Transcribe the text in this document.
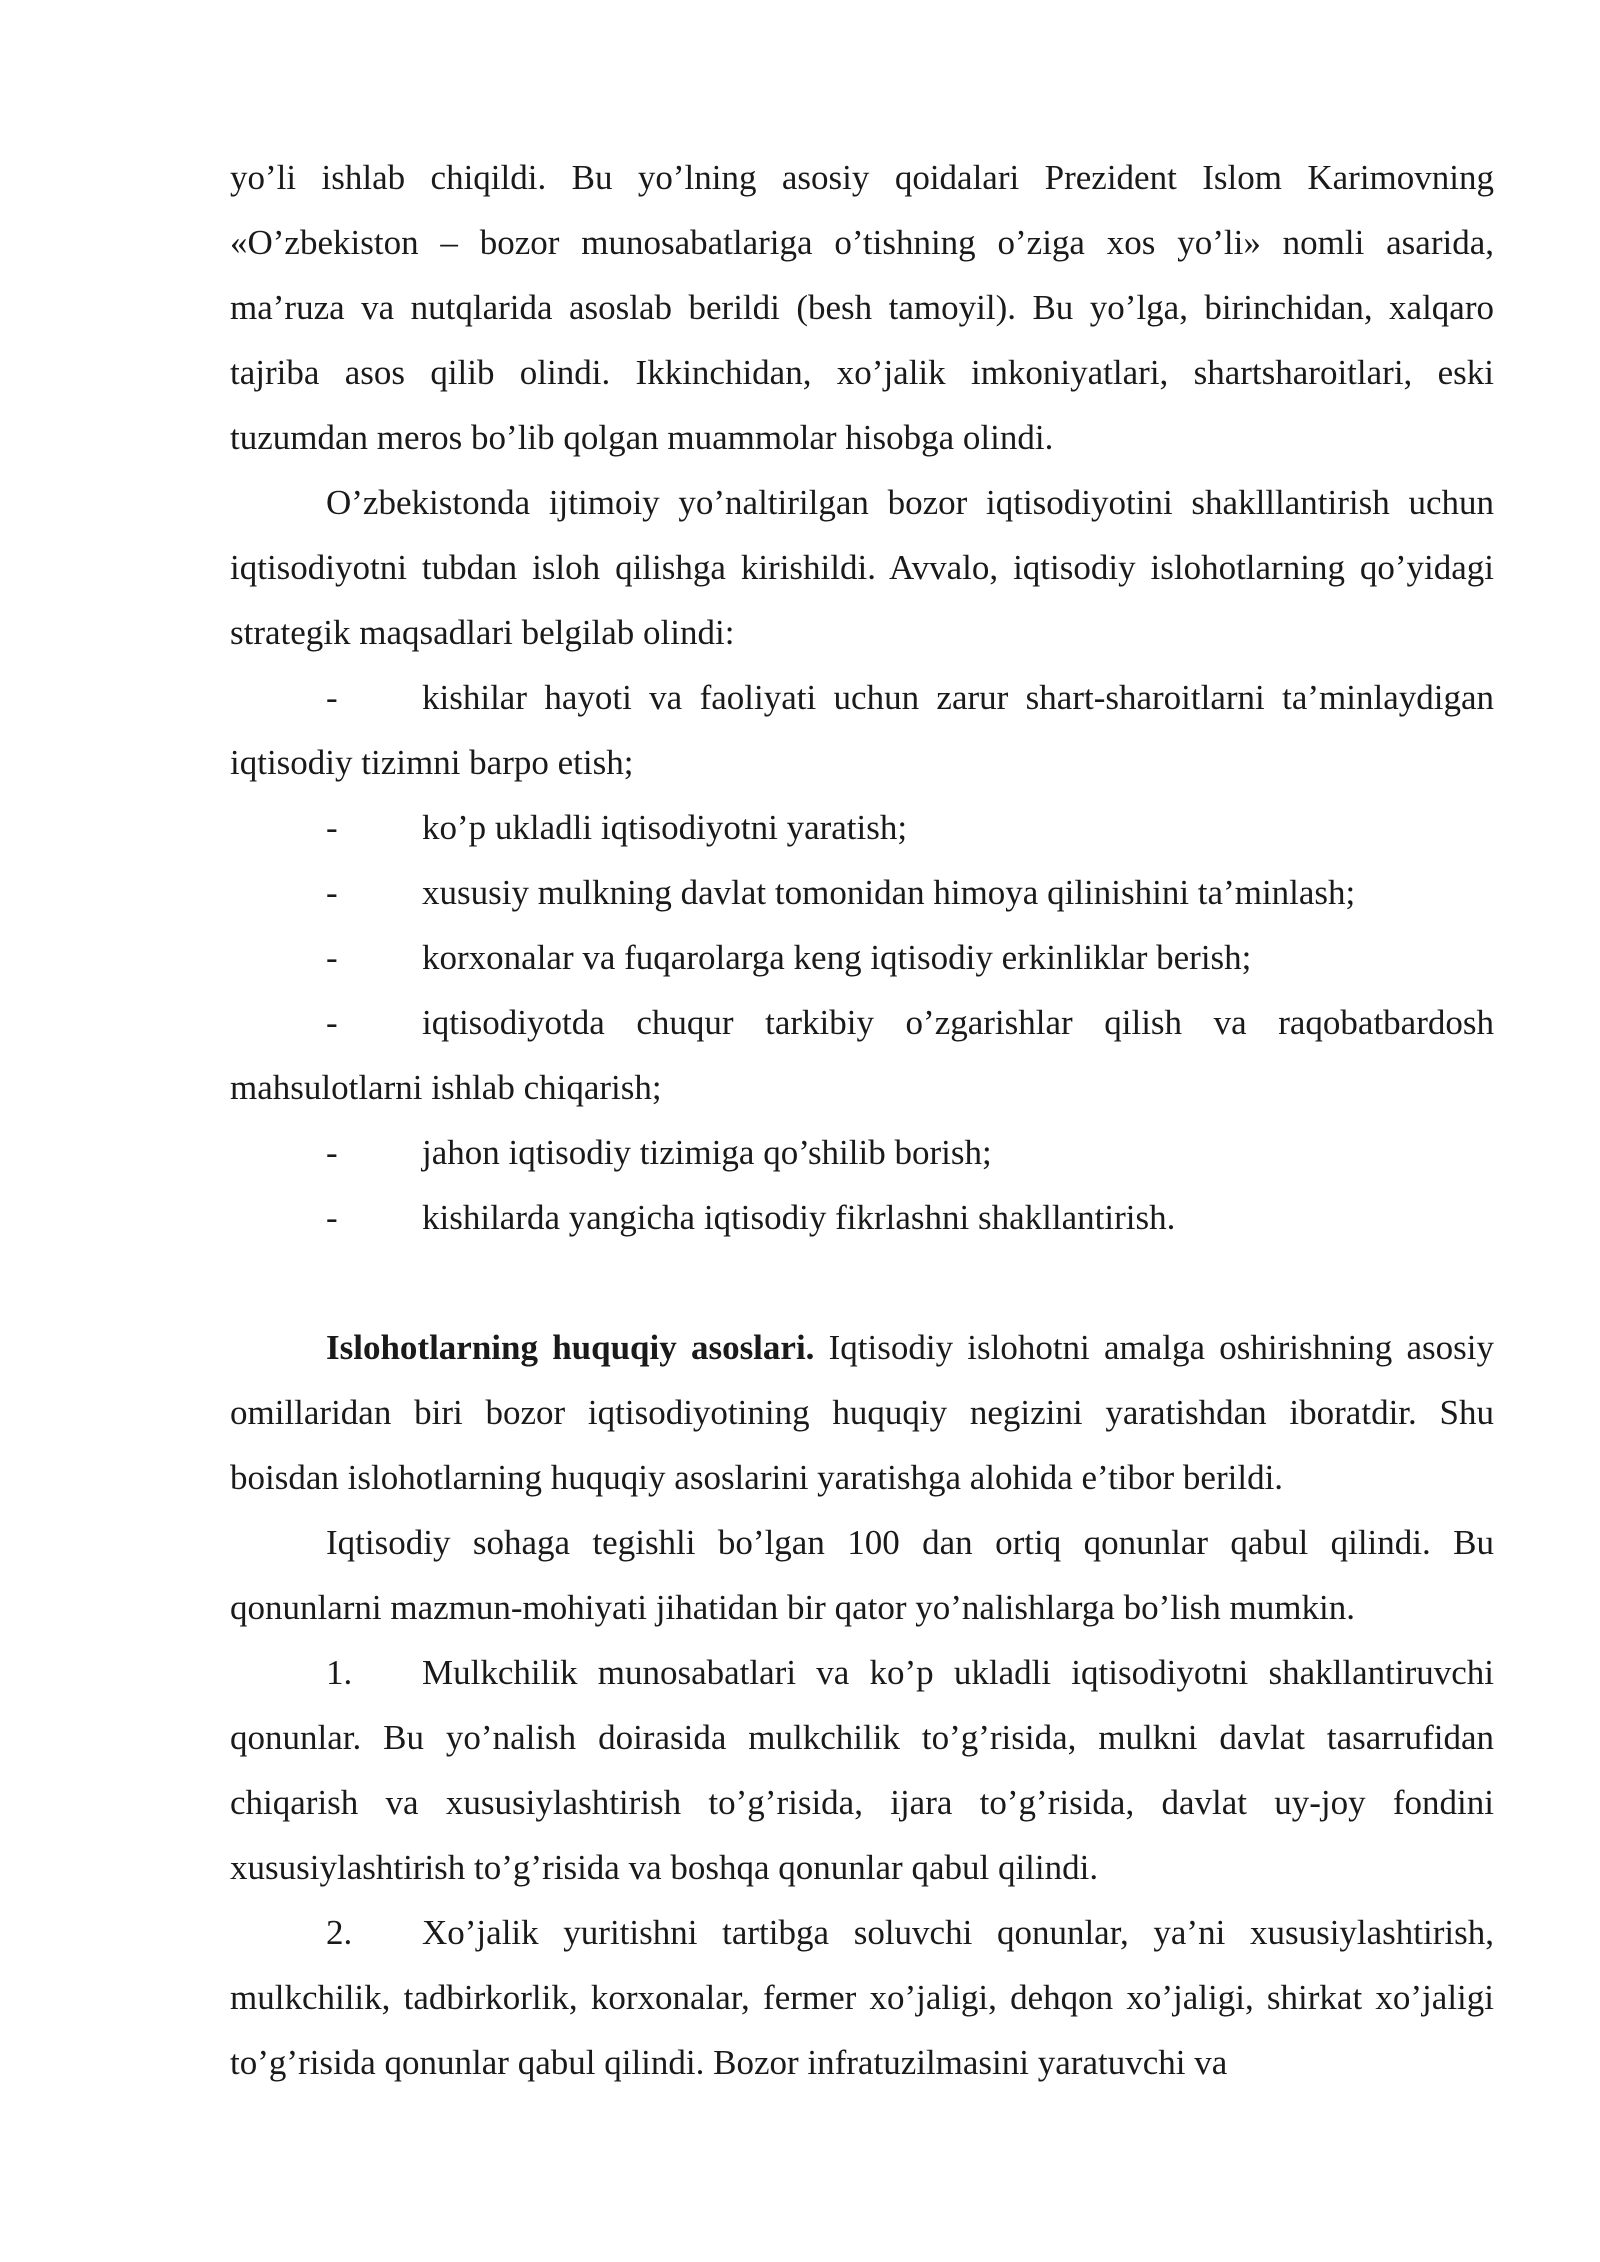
yo’li ishlab chiqildi. Bu yo’lning asosiy qoidalari Prezident Islom Karimovning «O’zbekiston – bozor munosabatlariga o’tishning o’ziga xos yo’li» nomli asarida, ma’ruza va nutqlarida asoslab berildi (besh tamoyil). Bu yo’lga, birinchidan, xalqaro tajriba asos qilib olindi. Ikkinchidan, xo’jalik imkoniyatlari, shartsharoitlari, eski tuzumdan meros bo’lib qolgan muammolar hisobga olindi.

O’zbekistonda ijtimoiy yo’naltirilgan bozor iqtisodiyotini shaklllantirish uchun iqtisodiyotni tubdan isloh qilishga kirishildi. Avvalo, iqtisodiy islohotlarning qo’yidagi strategik maqsadlari belgilab olindi:

- kishilar hayoti va faoliyati uchun zarur shart-sharoitlarni ta’minlaydigan iqtisodiy tizimni barpo etish;

- ko’p ukladli iqtisodiyotni yaratish;

- xususiy mulkning davlat tomonidan himoya qilinishini ta’minlash;

- korxonalar va fuqarolarga keng iqtisodiy erkinliklar berish;

- iqtisodiyotda chuqur tarkibiy o’zgarishlar qilish va raqobatbardosh mahsulotlarni ishlab chiqarish;

- jahon iqtisodiy tizimiga qo’shilib borish;

- kishilarda yangicha iqtisodiy fikrlashni shakllantirish.

Islohotlarning huquqiy asoslari. Iqtisodiy islohotni amalga oshirishning asosiy omillaridan biri bozor iqtisodiyotining huquqiy negizini yaratishdan iboratdir. Shu boisdan islohotlarning huquqiy asoslarini yaratishga alohida e’tibor berildi.

Iqtisodiy sohaga tegishli bo’lgan 100 dan ortiq qonunlar qabul qilindi. Bu qonunlarni mazmun-mohiyati jihatidan bir qator yo’nalishlarga bo’lish mumkin.

1. Mulkchilik munosabatlari va ko’p ukladli iqtisodiyotni shakllantiruvchi qonunlar. Bu yo’nalish doirasida mulkchilik to’g’risida, mulkni davlat tasarrufidan chiqarish va xususiylashtirish to’g’risida, ijara to’g’risida, davlat uy-joy fondini xususiylashtirish to’g’risida va boshqa qonunlar qabul qilindi.

2. Xo’jalik yuritishni tartibga soluvchi qonunlar, ya’ni xususiylashtirish, mulkchilik, tadbirkorlik, korxonalar, fermer xo’jaligi, dehqon xo’jaligi, shirkat xo’jaligi to’g’risida qonunlar qabul qilindi. Bozor infratuzilmasini yaratuvchi va
